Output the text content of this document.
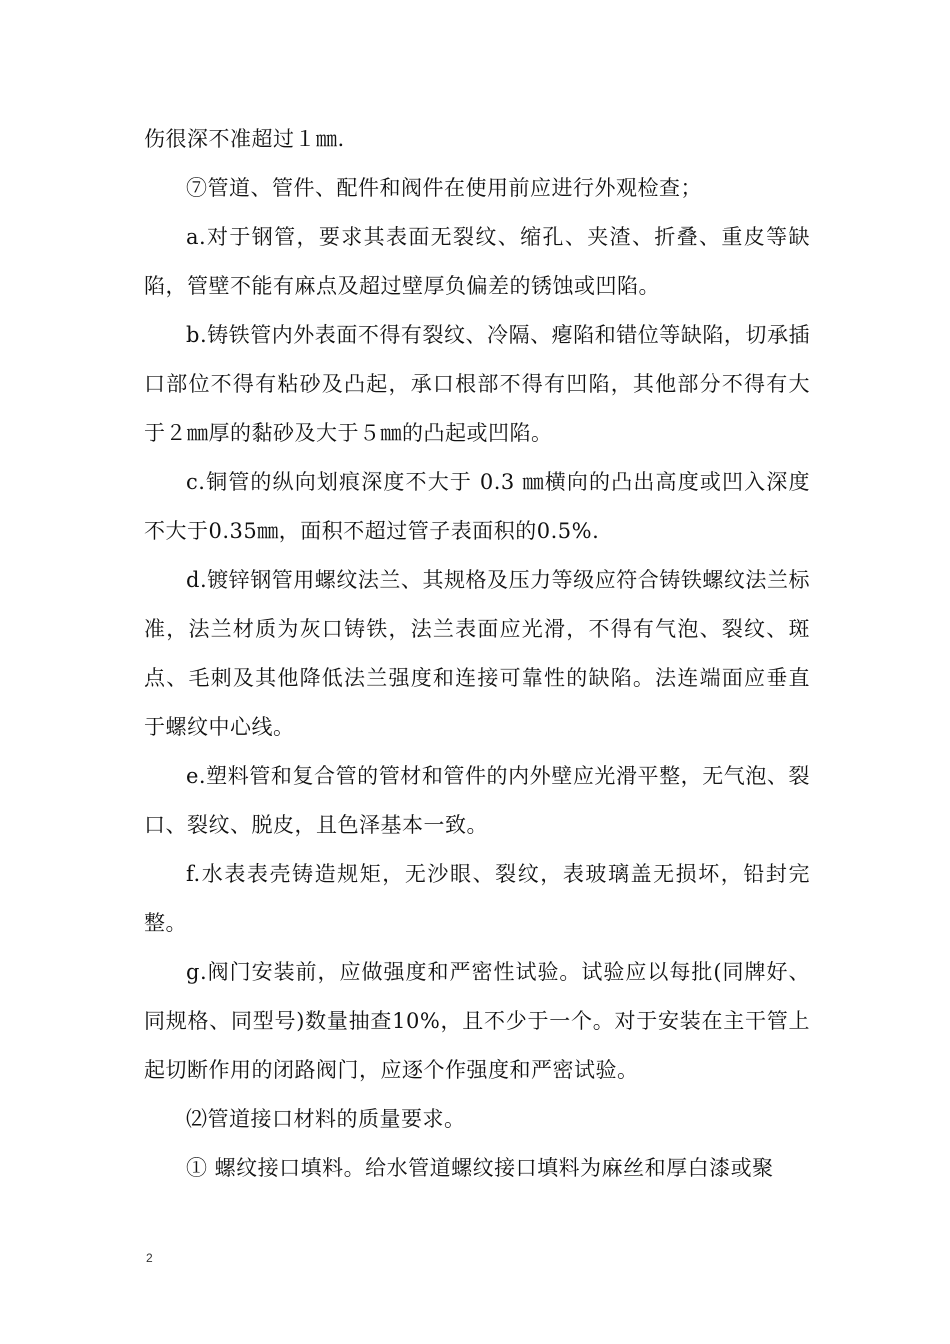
伤很深不准超过１㎜.

⑦管道、管件、配件和阀件在使用前应进行外观检查；

a.对于钢管，要求其表面无裂纹、缩孔、夹渣、折叠、重皮等缺陷，管壁不能有麻点及超过壁厚负偏差的锈蚀或凹陷。

b.铸铁管内外表面不得有裂纹、冷隔、瘪陷和错位等缺陷，切承插口部位不得有粘砂及凸起，承口根部不得有凹陷，其他部分不得有大于２㎜厚的黏砂及大于５㎜的凸起或凹陷。

c.铜管的纵向划痕深度不大于 0.3 ㎜横向的凸出高度或凹入深度不大于0.35㎜，面积不超过管子表面积的0.5%.

d.镀锌钢管用螺纹法兰、其规格及压力等级应符合铸铁螺纹法兰标准，法兰材质为灰口铸铁，法兰表面应光滑，不得有气泡、裂纹、斑点、毛刺及其他降低法兰强度和连接可靠性的缺陷。法连端面应垂直于螺纹中心线。

e.塑料管和复合管的管材和管件的内外壁应光滑平整，无气泡、裂口、裂纹、脱皮，且色泽基本一致。

f.水表表壳铸造规矩，无沙眼、裂纹，表玻璃盖无损坏，铅封完整。

g.阀门安装前，应做强度和严密性试验。试验应以每批(同牌好、同规格、同型号)数量抽查10%，且不少于一个。对于安装在主干管上起切断作用的闭路阀门，应逐个作强度和严密试验。

⑵管道接口材料的质量要求。

① 螺纹接口填料。给水管道螺纹接口填料为麻丝和厚白漆或聚

2
